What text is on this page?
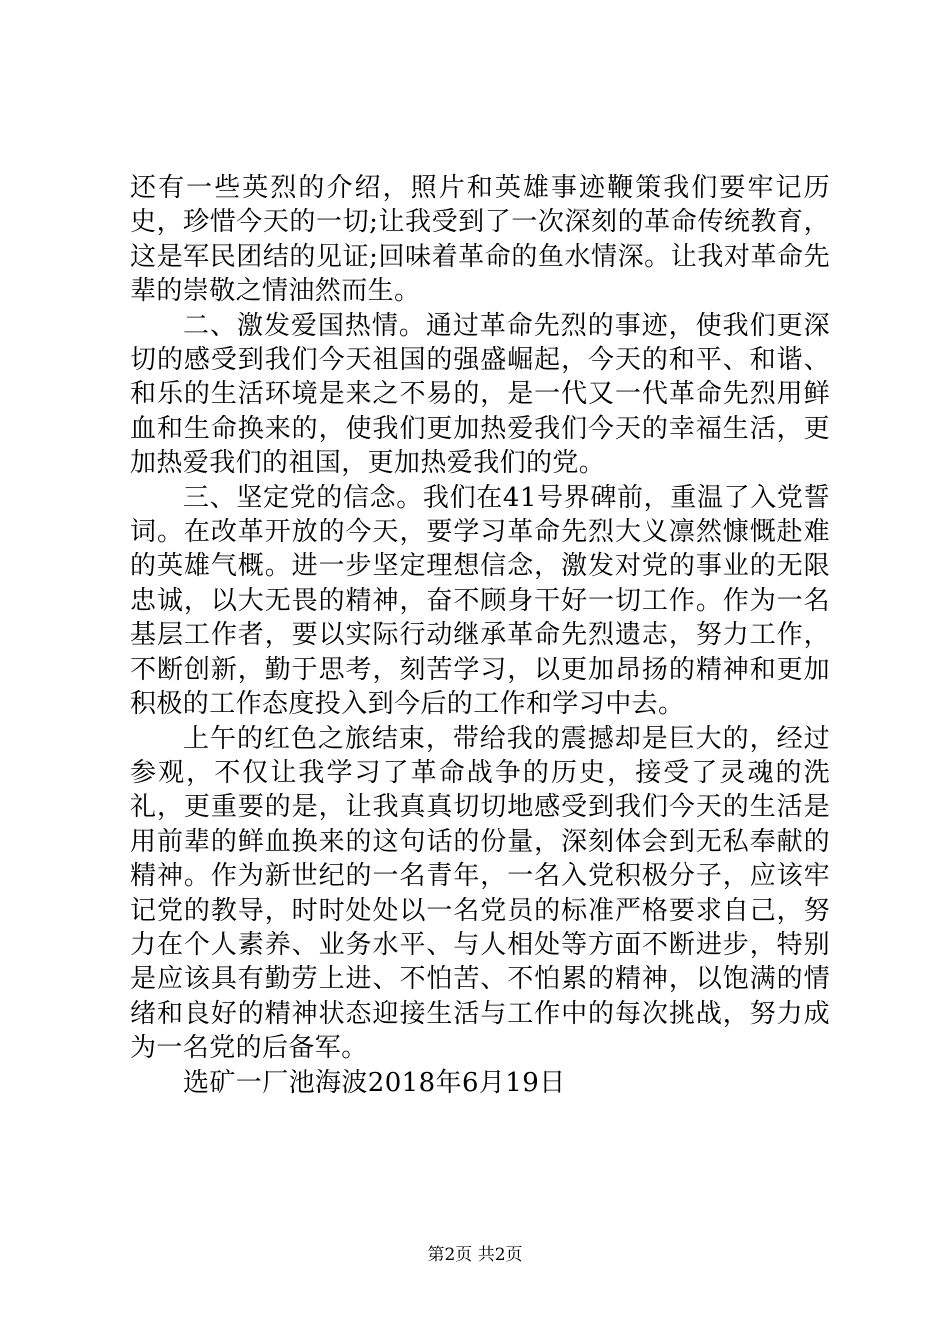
还有一些英烈的介绍，照片和英雄事迹鞭策我们要牢记历史，珍惜今天的一切;让我受到了一次深刻的革命传统教育，这是军民团结的见证;回味着革命的鱼水情深。让我对革命先辈的崇敬之情油然而生。

二、激发爱国热情。通过革命先烈的事迹，使我们更深切的感受到我们今天祖国的强盛崛起，今天的和平、和谐、和乐的生活环境是来之不易的，是一代又一代革命先烈用鲜血和生命换来的，使我们更加热爱我们今天的幸福生活，更加热爱我们的祖国，更加热爱我们的党。

三、坚定党的信念。我们在41号界碑前，重温了入党誓词。在改革开放的今天，要学习革命先烈大义凛然慷慨赴难的英雄气概。进一步坚定理想信念，激发对党的事业的无限忠诚，以大无畏的精神，奋不顾身干好一切工作。作为一名基层工作者，要以实际行动继承革命先烈遗志，努力工作，不断创新，勤于思考，刻苦学习，以更加昂扬的精神和更加积极的工作态度投入到今后的工作和学习中去。

上午的红色之旅结束，带给我的震撼却是巨大的，经过参观，不仅让我学习了革命战争的历史，接受了灵魂的洗礼，更重要的是，让我真真切切地感受到我们今天的生活是用前辈的鲜血换来的这句话的份量，深刻体会到无私奉献的精神。作为新世纪的一名青年，一名入党积极分子，应该牢记党的教导，时时处处以一名党员的标准严格要求自己，努力在个人素养、业务水平、与人相处等方面不断进步，特别是应该具有勤劳上进、不怕苦、不怕累的精神，以饱满的情绪和良好的精神状态迎接生活与工作中的每次挑战，努力成为一名党的后备军。

选矿一厂池海波2018年6月19日

第2页 共2页
